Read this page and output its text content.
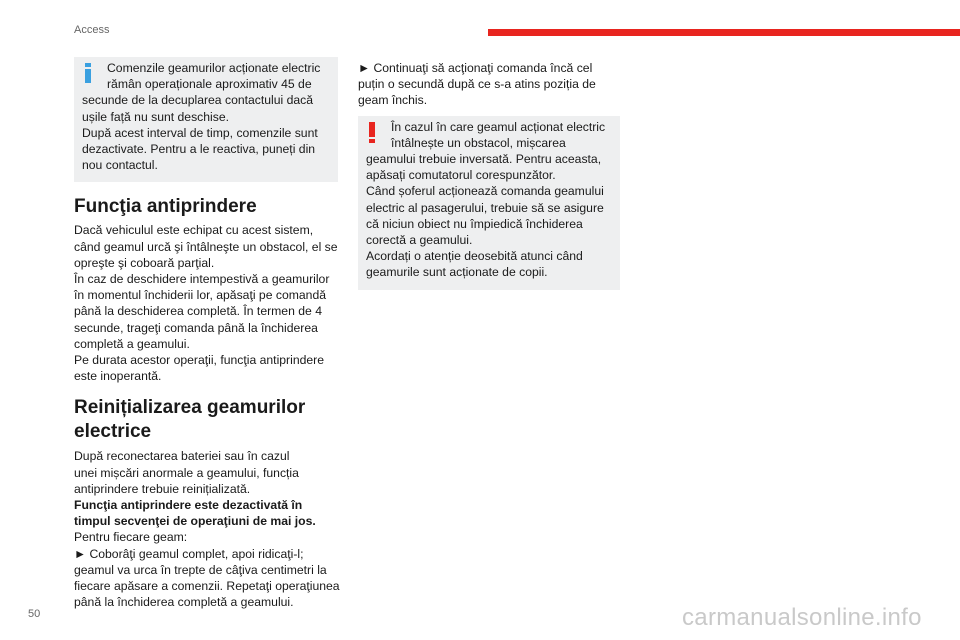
Access
Comenzile geamurilor acționate electric
rămân operaționale aproximativ 45 de
secunde de la decuplarea contactului dacă
ușile față nu sunt deschise.
După acest interval de timp, comenzile sunt
dezactivate. Pentru a le reactiva, puneți din
nou contactul.
Funcţia antiprindere
Dacă vehiculul este echipat cu acest sistem,
când geamul urcă şi întâlneşte un obstacol, el se
opreşte şi coboară parţial.
În caz de deschidere intempestivă a geamurilor
în momentul închiderii lor, apăsaţi pe comandă
până la deschiderea completă. În termen de 4
secunde, trageţi comanda până la închiderea
completă a geamului.
Pe durata acestor operaţii, funcţia antiprindere
este inoperantă.
Reinițializarea geamurilor
electrice
După reconectarea bateriei sau în cazul
unei mișcări anormale a geamului, funcția
antiprindere trebuie reinițializată.
Funcţia antiprindere este dezactivată în
timpul secvenţei de operaţiuni de mai jos.
Pentru fiecare geam:
► Coborâţi geamul complet, apoi ridicaţi-l;
geamul va urca în trepte de câţiva centimetri la
fiecare apăsare a comenzii. Repetaţi operaţiunea
până la închiderea completă a geamului.
► Continuaţi să acţionaţi comanda încă cel
puțin o secundă după ce s-a atins poziția de
geam închis.
În cazul în care geamul acționat electric
întâlnește un obstacol, mișcarea
geamului trebuie inversată. Pentru aceasta,
apăsați comutatorul corespunzător.
Când șoferul acționează comanda geamului
electric al pasagerului, trebuie să se asigure
că niciun obiect nu împiedică închiderea
corectă a geamului.
Acordați o atenție deosebită atunci când
geamurile sunt acționate de copii.
50	carmanualsonline.info
